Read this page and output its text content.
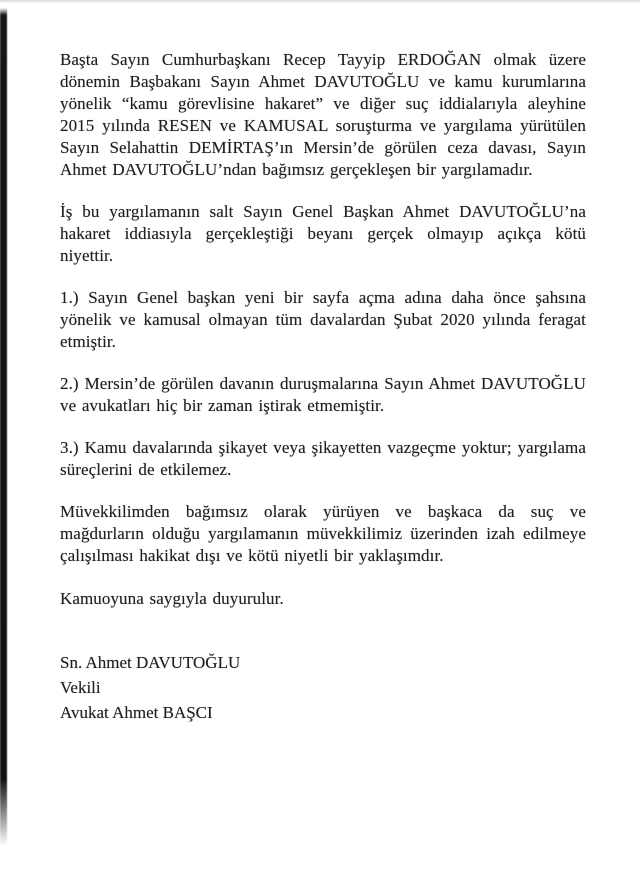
Başta Sayın Cumhurbaşkanı Recep Tayyip ERDOĞAN olmak üzere dönemin Başbakanı Sayın Ahmet DAVUTOĞLU ve kamu kurumlarına yönelik “kamu görevlisine hakaret” ve diğer suç iddialarıyla aleyhine 2015 yılında RESEN ve KAMUSAL soruşturma ve yargılama yürütülen Sayın Selahattin DEMİRTAŞ’ın Mersin’de görülen ceza davası, Sayın Ahmet DAVUTOĞLU’ndan bağımsız gerçekleşen bir yargılamadır.

İş bu yargılamanın salt Sayın Genel Başkan Ahmet DAVUTOĞLU’na hakaret iddiasıyla gerçekleştiği beyanı gerçek olmayıp açıkça kötü niyettir.

1.) Sayın Genel başkan yeni bir sayfa açma adına daha önce şahsına yönelik ve kamusal olmayan tüm davalardan Şubat 2020 yılında feragat etmiştir.

2.) Mersin’de görülen davanın duruşmalarına Sayın Ahmet DAVUTOĞLU ve avukatları hiç bir zaman iştirak etmemiştir.

3.) Kamu davalarında şikayet veya şikayetten vazgeçme yoktur; yargılama süreçlerini de etkilemez.

Müvekkilimden bağımsız olarak yürüyen ve başkaca da suç ve mağdurların olduğu yargılamanın müvekkilimiz üzerinden izah edilmeye çalışılması hakikat dışı ve kötü niyetli bir yaklaşımdır.

Kamuoyuna saygıyla duyurulur.

Sn. Ahmet DAVUTOĞLU
Vekili
Avukat Ahmet BAŞCI
